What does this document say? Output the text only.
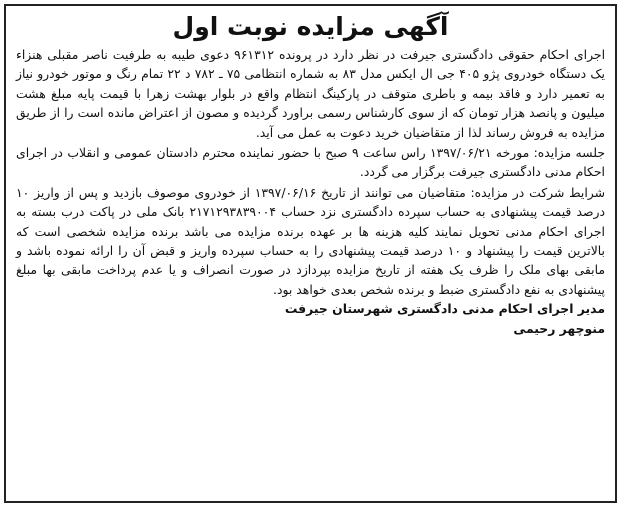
آگهی مزایده نوبت اول

اجرای احکام حقوقی دادگستری جیرفت در نظر دارد در پرونده ۹۶۱۳۱۲ دعوی طیبه به طرفیت ناصر مقبلی هنزاء یک دستگاه خودروی پژو ۴۰۵ جی ال ایکس مدل ۸۳ به شماره انتظامی ۷۵ ـ ۷۸۲ د ۲۲ تمام رنگ و موتور خودرو نیاز به تعمیر دارد و فاقد بیمه و باطری متوقف در پارکینگ انتظام واقع در بلوار بهشت زهرا با قیمت پایه مبلغ هشت میلیون و پانصد هزار تومان که از سوی کارشناس رسمی براورد گردیده و مصون از اعتراض مانده است را از طریق مزایده به فروش رساند لذا از متقاضیان خرید دعوت به عمل می آید.

جلسه مزایده: مورخه ۱۳۹۷/۰۶/۲۱ راس ساعت ۹ صبح با حضور نماینده محترم دادستان عمومی و انقلاب در اجرای احکام مدنی دادگستری جیرفت برگزار می گردد.

شرایط شرکت در مزایده: متقاضیان می توانند از تاریخ ۱۳۹۷/۰۶/۱۶ از خودروی موصوف بازدید و پس از واریز ۱۰ درصد قیمت پیشنهادی به حساب سپرده دادگستری نزد حساب ۲۱۷۱۲۹۳۸۳۹۰۰۴ بانک ملی در پاکت درب بسته به اجرای احکام مدنی تحویل نمایند کلیه هزینه ها بر عهده برنده مزایده می باشد برنده مزایده شخصی است که بالاترین قیمت را پیشنهاد و ۱۰ درصد قیمت پیشنهادی را به حساب سپرده واریز و قبض آن را ارائه نموده باشد و مابقی بهای ملک را ظرف یک هفته از تاریخ مزایده بپردازد در صورت انصراف و یا عدم پرداخت مابقی بها مبلغ پیشنهادی به نفع دادگستری ضبط و برنده شخص بعدی خواهد بود.

مدیر اجرای احکام مدنی دادگستری شهرستان جیرفت
منوچهر رحیمی
